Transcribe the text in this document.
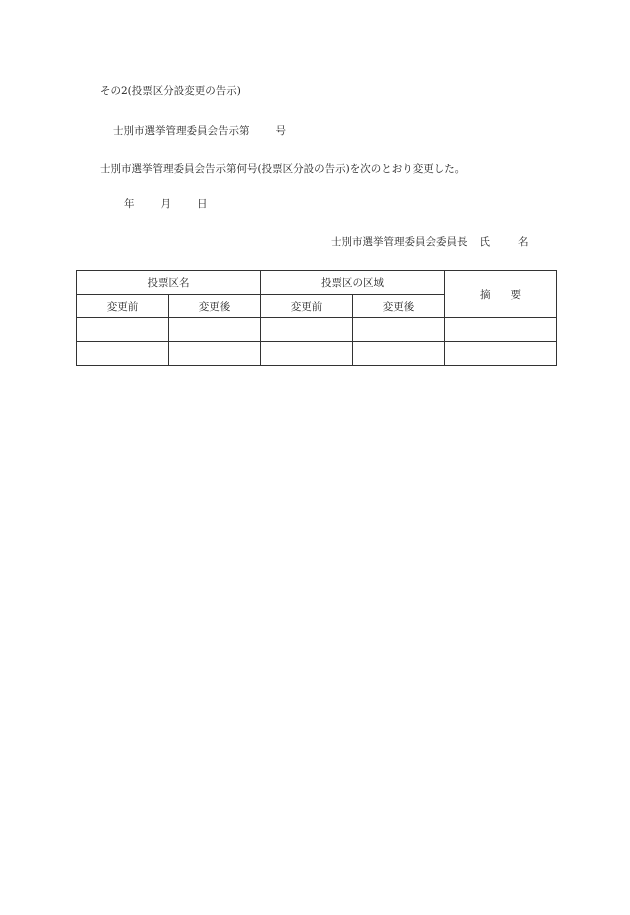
その2(投票区分設変更の告示)
士別市選挙管理委員会告示第 号
士別市選挙管理委員会告示第何号(投票区分設の告示)を次のとおり変更した。
年 月 日
士別市選挙管理委員会委員長 氏	名
投票区名		投票区の区域		摘 要
変更前	変更後	変更前	変更後	
